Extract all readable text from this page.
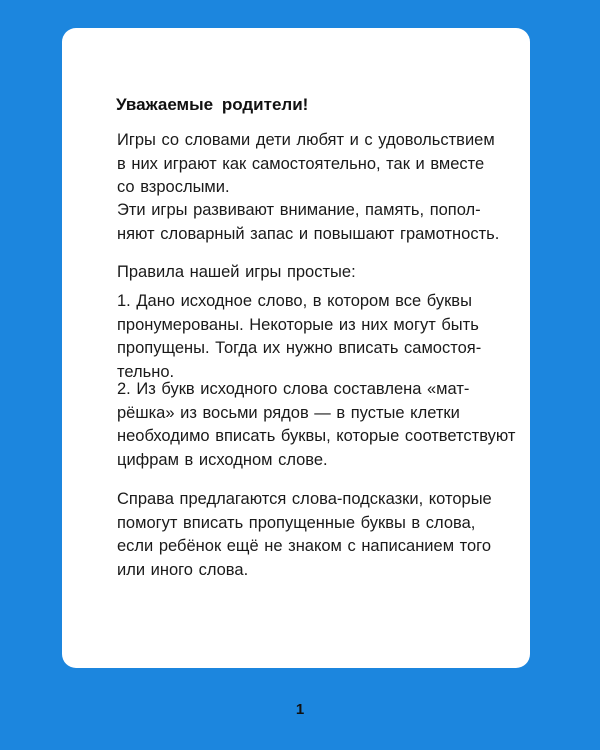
Уважаемые родители!

Игры со словами дети любят и с удовольствием
в них играют как самостоятельно, так и вместе
со взрослыми.

Эти игры развивают внимание, память, попол-
няют словарный запас и повышают грамотность.

Правила нашей игры простые:

1. Дано исходное слово, в котором все буквы
пронумерованы. Некоторые из них могут быть
пропущены. Тогда их нужно вписать самостоя-
тельно.

2. Из букв исходного слова составлена «мат-
рёшка» из восьми рядов — в пустые клетки
необходимо вписать буквы, которые соответствуют
цифрам в исходном слове.

Справа предлагаются слова-подсказки, которые
помогут вписать пропущенные буквы в слова,
если ребёнок ещё не знаком с написанием того
или иного слова.

1
